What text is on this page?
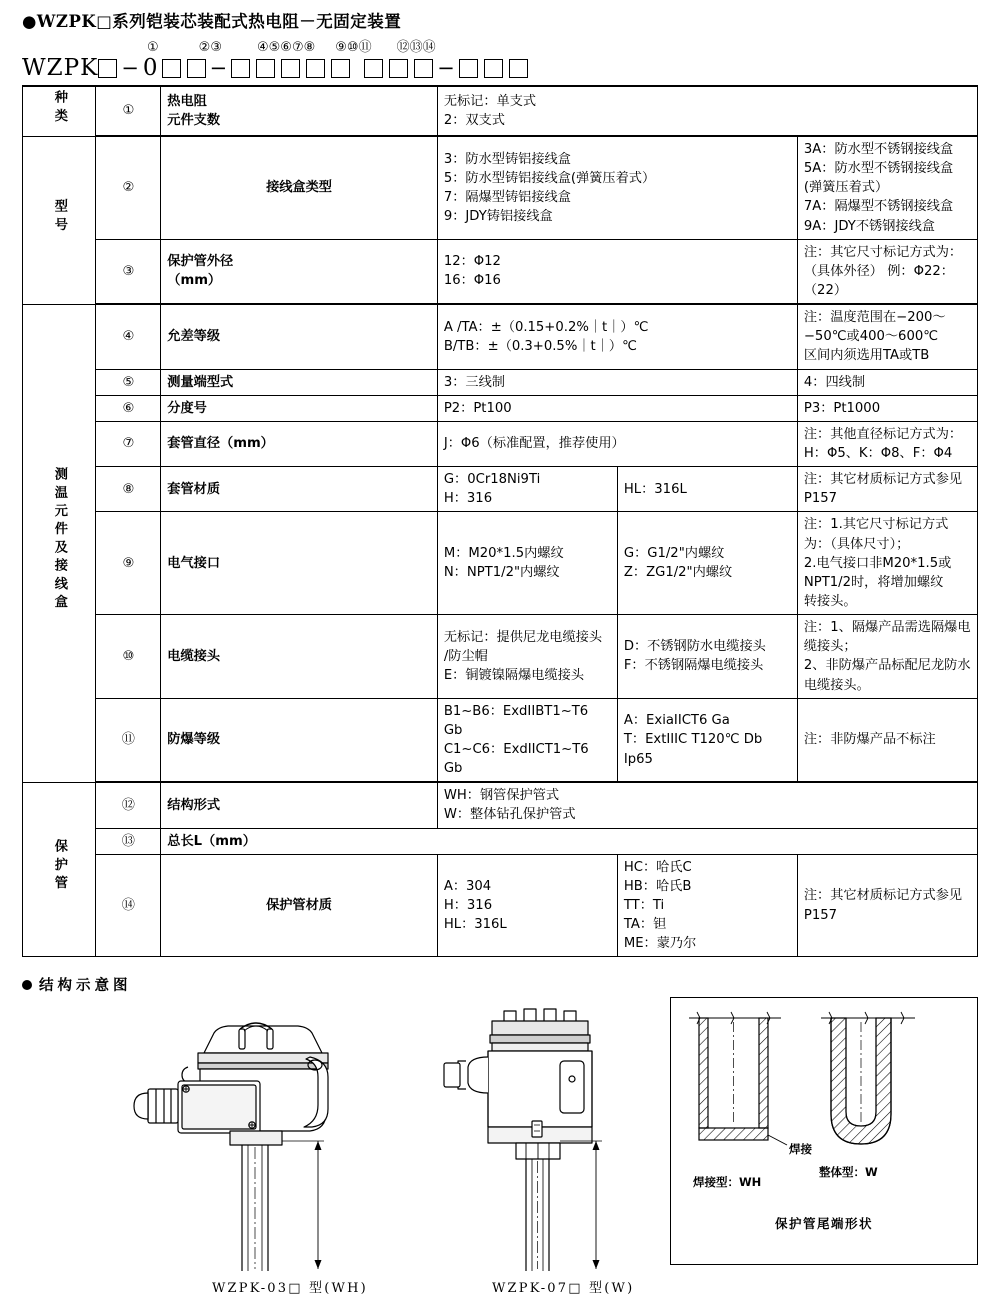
●WZPK□系列铠装芯装配式热电阻－无固定装置
①	② ③	④ ⑤ ⑥ ⑦ ⑧ ⑨ ⑩ ⑪ ⑫ ⑬ ⑭
WZPK − 0 −	−
种类	①	热电阻
元件支数	无标记：单支式
2：双支式		

型号	②	接线盒类型	3：防水型铸铝接线盒
5：防水型铸铝接线盒(弹簧压着式）
7：隔爆型铸铝接线盒
9：JDY铸铝接线盒		3A：防水型不锈钢接线盒
5A：防水型不锈钢接线盒(弹簧压着式）
7A：隔爆型不锈钢接线盒
9A：JDY不锈钢接线盒

	③	保护管外径
（mm）	12：Φ12
16：Φ16		注：其它尺寸标记方式为：（具体外径） 例：Φ22：（22）

测温元件及接线盒	④	允差等级	A /TA：±（0.15+0.2%｜t｜）℃
B/TB：±（0.3+0.5%｜t｜）℃		注：温度范围在−200～−50℃或400～600℃
区间内须选用TA或TB

	⑤	测量端型式	3：三线制		4：四线制

	⑥	分度号	P2：Pt100		P3：Pt1000

	⑦	套管直径（mm）	J：Φ6（标准配置，推荐使用）		注：其他直径标记方式为：
H：Φ5、K：Φ8、F：Φ4

	⑧	套管材质	G：0Cr18Ni9Ti
H：316	HL：316L	注：其它材质标记方式参见P157

	⑨	电气接口	M：M20*1.5内螺纹
N：NPT1/2"内螺纹	G：G1/2"内螺纹
Z：ZG1/2"内螺纹	注：1.其它尺寸标记方式为：（具体尺寸）；
2.电气接口非M20*1.5或NPT1/2时，将增加螺纹
转接头。

	⑩	电缆接头	无标记：提供尼龙电缆接头
/防尘帽
E：铜镀镍隔爆电缆接头	D：不锈钢防水电缆接头
F：不锈钢隔爆电缆接头	注：1、隔爆产品需选隔爆电缆接头；
2、非防爆产品标配尼龙防水电缆接头。

	⑪	防爆等级	B1~B6：ExdIIBT1~T6 Gb
C1~C6：ExdIICT1~T6 Gb	A：ExiaIICT6 Ga
T：ExtIIIC T120℃ Db Ip65	注：非防爆产品不标注

保护管	⑫	结构形式	WH：钢管保护管式
W：整体钻孔保护管式		

	⑬	总长L（mm）			
	⑭	保护管材质	A：304
H：316
HL：316L	HC：哈氏C
HB：哈氏B
TT：Ti
TA：钽
ME：蒙乃尔	注：其它材质标记方式参见P157
结构示意图
WZPK-03□ 型(WH)	WZPK-07□ 型(W)
焊接
焊接型：WH
整体型：W
保护管尾端形状
